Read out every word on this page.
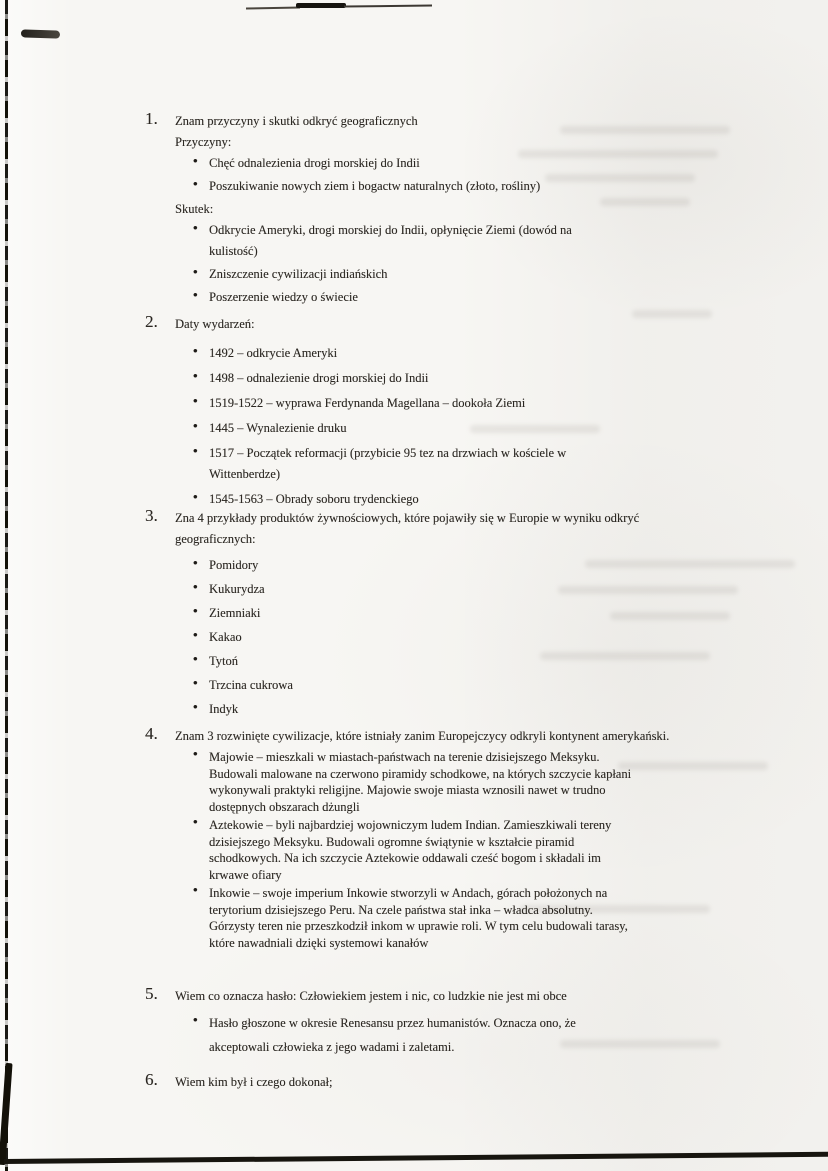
1. Znam przyczyny i skutki odkryć geograficznych
Przyczyny:
• Chęć odnalezienia drogi morskiej do Indii
• Poszukiwanie nowych ziem i bogactw naturalnych (złoto, rośliny)
Skutek:
• Odkrycie Ameryki, drogi morskiej do Indii, opłynięcie Ziemi (dowód na kulistość)
• Zniszczenie cywilizacji indiańskich
• Poszerzenie wiedzy o świecie
2. Daty wydarzeń:
• 1492 – odkrycie Ameryki
• 1498 – odnalezienie drogi morskiej do Indii
• 1519-1522 – wyprawa Ferdynanda Magellana – dookoła Ziemi
• 1445 – Wynalezienie druku
• 1517 – Początek reformacji (przybicie 95 tez na drzwiach w kościele w Wittenberdze)
• 1545-1563 – Obrady soboru trydenckiego
3. Zna 4 przykłady produktów żywnościowych, które pojawiły się w Europie w wyniku odkryć geograficznych:
• Pomidory
• Kukurydza
• Ziemniaki
• Kakao
• Tytoń
• Trzcina cukrowa
• Indyk
4. Znam 3 rozwinięte cywilizacje, które istniały zanim Europejczycy odkryli kontynent amerykański.
• Majowie – mieszkali w miastach-państwach na terenie dzisiejszego Meksyku. Budowali malowane na czerwono piramidy schodkowe, na których szczycie kapłani wykonywali praktyki religijne. Majowie swoje miasta wznosili nawet w trudno dostępnych obszarach dżungli
• Aztekowie – byli najbardziej wojowniczym ludem Indian. Zamieszkiwali tereny dzisiejszego Meksyku. Budowali ogromne świątynie w kształcie piramid schodkowych. Na ich szczycie Aztekowie oddawali cześć bogom i składali im krwawe ofiary
• Inkowie – swoje imperium Inkowie stworzyli w Andach, górach położonych na terytorium dzisiejszego Peru. Na czele państwa stał inka – władca absolutny. Górzysty teren nie przeszkodził inkom w uprawie roli. W tym celu budowali tarasy, które nawadniali dzięki systemowi kanałów
5. Wiem co oznacza hasło: Człowiekiem jestem i nic, co ludzkie nie jest mi obce
• Hasło głoszone w okresie Renesansu przez humanistów. Oznacza ono, że akceptowali człowieka z jego wadami i zaletami.
6. Wiem kim był i czego dokonał;
